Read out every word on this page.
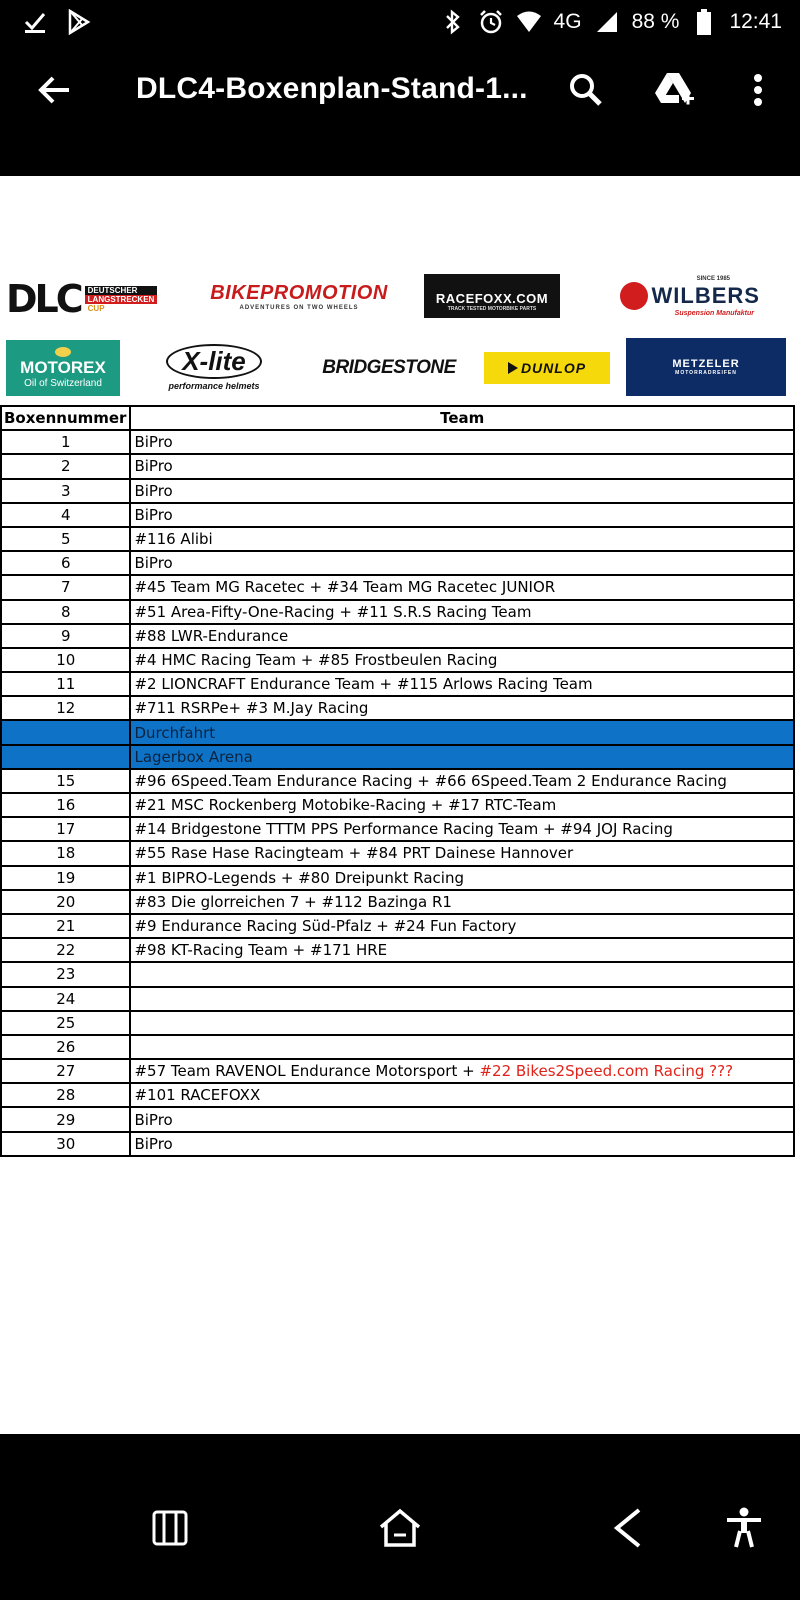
4G 88 % 12:41
DLC4-Boxenplan-Stand-1...
DLC DEUTSCHER
LANGSTRECKEN
CUP
BIKEPROMOTION
ADVENTURES ON TWO WHEELS
RACEFOXX.COM
TRACK TESTED MOTORBIKE PARTS
SINCE 1985
WILBERS
Suspension Manufaktur
MOTOREX
Oil of Switzerland
X-lite
performance helmets
BRIDGESTONE	DUNLOP	METZELER
MOTORRADREIFEN
Boxennummer	Team
1	BiPro
2	BiPro
3	BiPro
4	BiPro
5	#116 Alibi
6	BiPro
7	#45 Team MG Racetec + #34 Team MG Racetec JUNIOR
8	#51 Area-Fifty-One-Racing + #11 S.R.S Racing Team
9	#88 LWR-Endurance
10	#4 HMC Racing Team + #85 Frostbeulen Racing
11	#2 LIONCRAFT Endurance Team + #115 Arlows Racing Team
12	#711 RSRPe+ #3 M.Jay Racing
	Durchfahrt
	Lagerbox Arena
15	#96 6Speed.Team Endurance Racing + #66 6Speed.Team 2 Endurance Racing
16	#21 MSC Rockenberg Motobike-Racing + #17 RTC-Team
17	#14 Bridgestone TTTM PPS Performance Racing Team + #94 JOJ Racing
18	#55 Rase Hase Racingteam + #84 PRT Dainese Hannover
19	#1 BIPRO-Legends + #80 Dreipunkt Racing
20	#83 Die glorreichen 7 + #112 Bazinga R1
21	#9 Endurance Racing Süd-Pfalz + #24 Fun Factory
22	#98 KT-Racing Team + #171 HRE
23	
24	
25	
26	
27	#57 Team RAVENOL Endurance Motorsport + #22 Bikes2Speed.com Racing ???
28	#101 RACEFOXX
29	BiPro
30	BiPro
